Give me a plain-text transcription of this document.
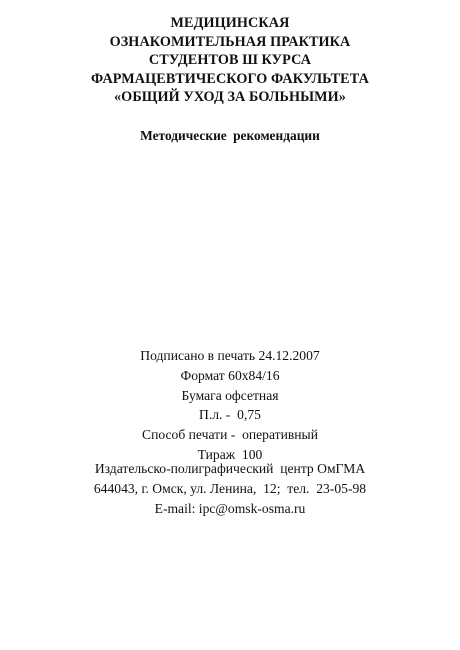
МЕДИЦИНСКАЯ
ОЗНАКОМИТЕЛЬНАЯ ПРАКТИКА
СТУДЕНТОВ Ш КУРСА
ФАРМАЦЕВТИЧЕСКОГО ФАКУЛЬТЕТА
«ОБЩИЙ УХОД ЗА БОЛЬНЫМИ»
Методические рекомендации
Подписано в печать 24.12.2007
Формат 60х84/16
Бумага офсетная
П.л. -  0,75
Способ печати -  оперативный
Тираж  100
Издательско-полиграфический  центр ОмГМА
644043, г. Омск, ул. Ленина,  12;  тел.  23-05-98
E-mail: ipc@omsk-osma.ru
